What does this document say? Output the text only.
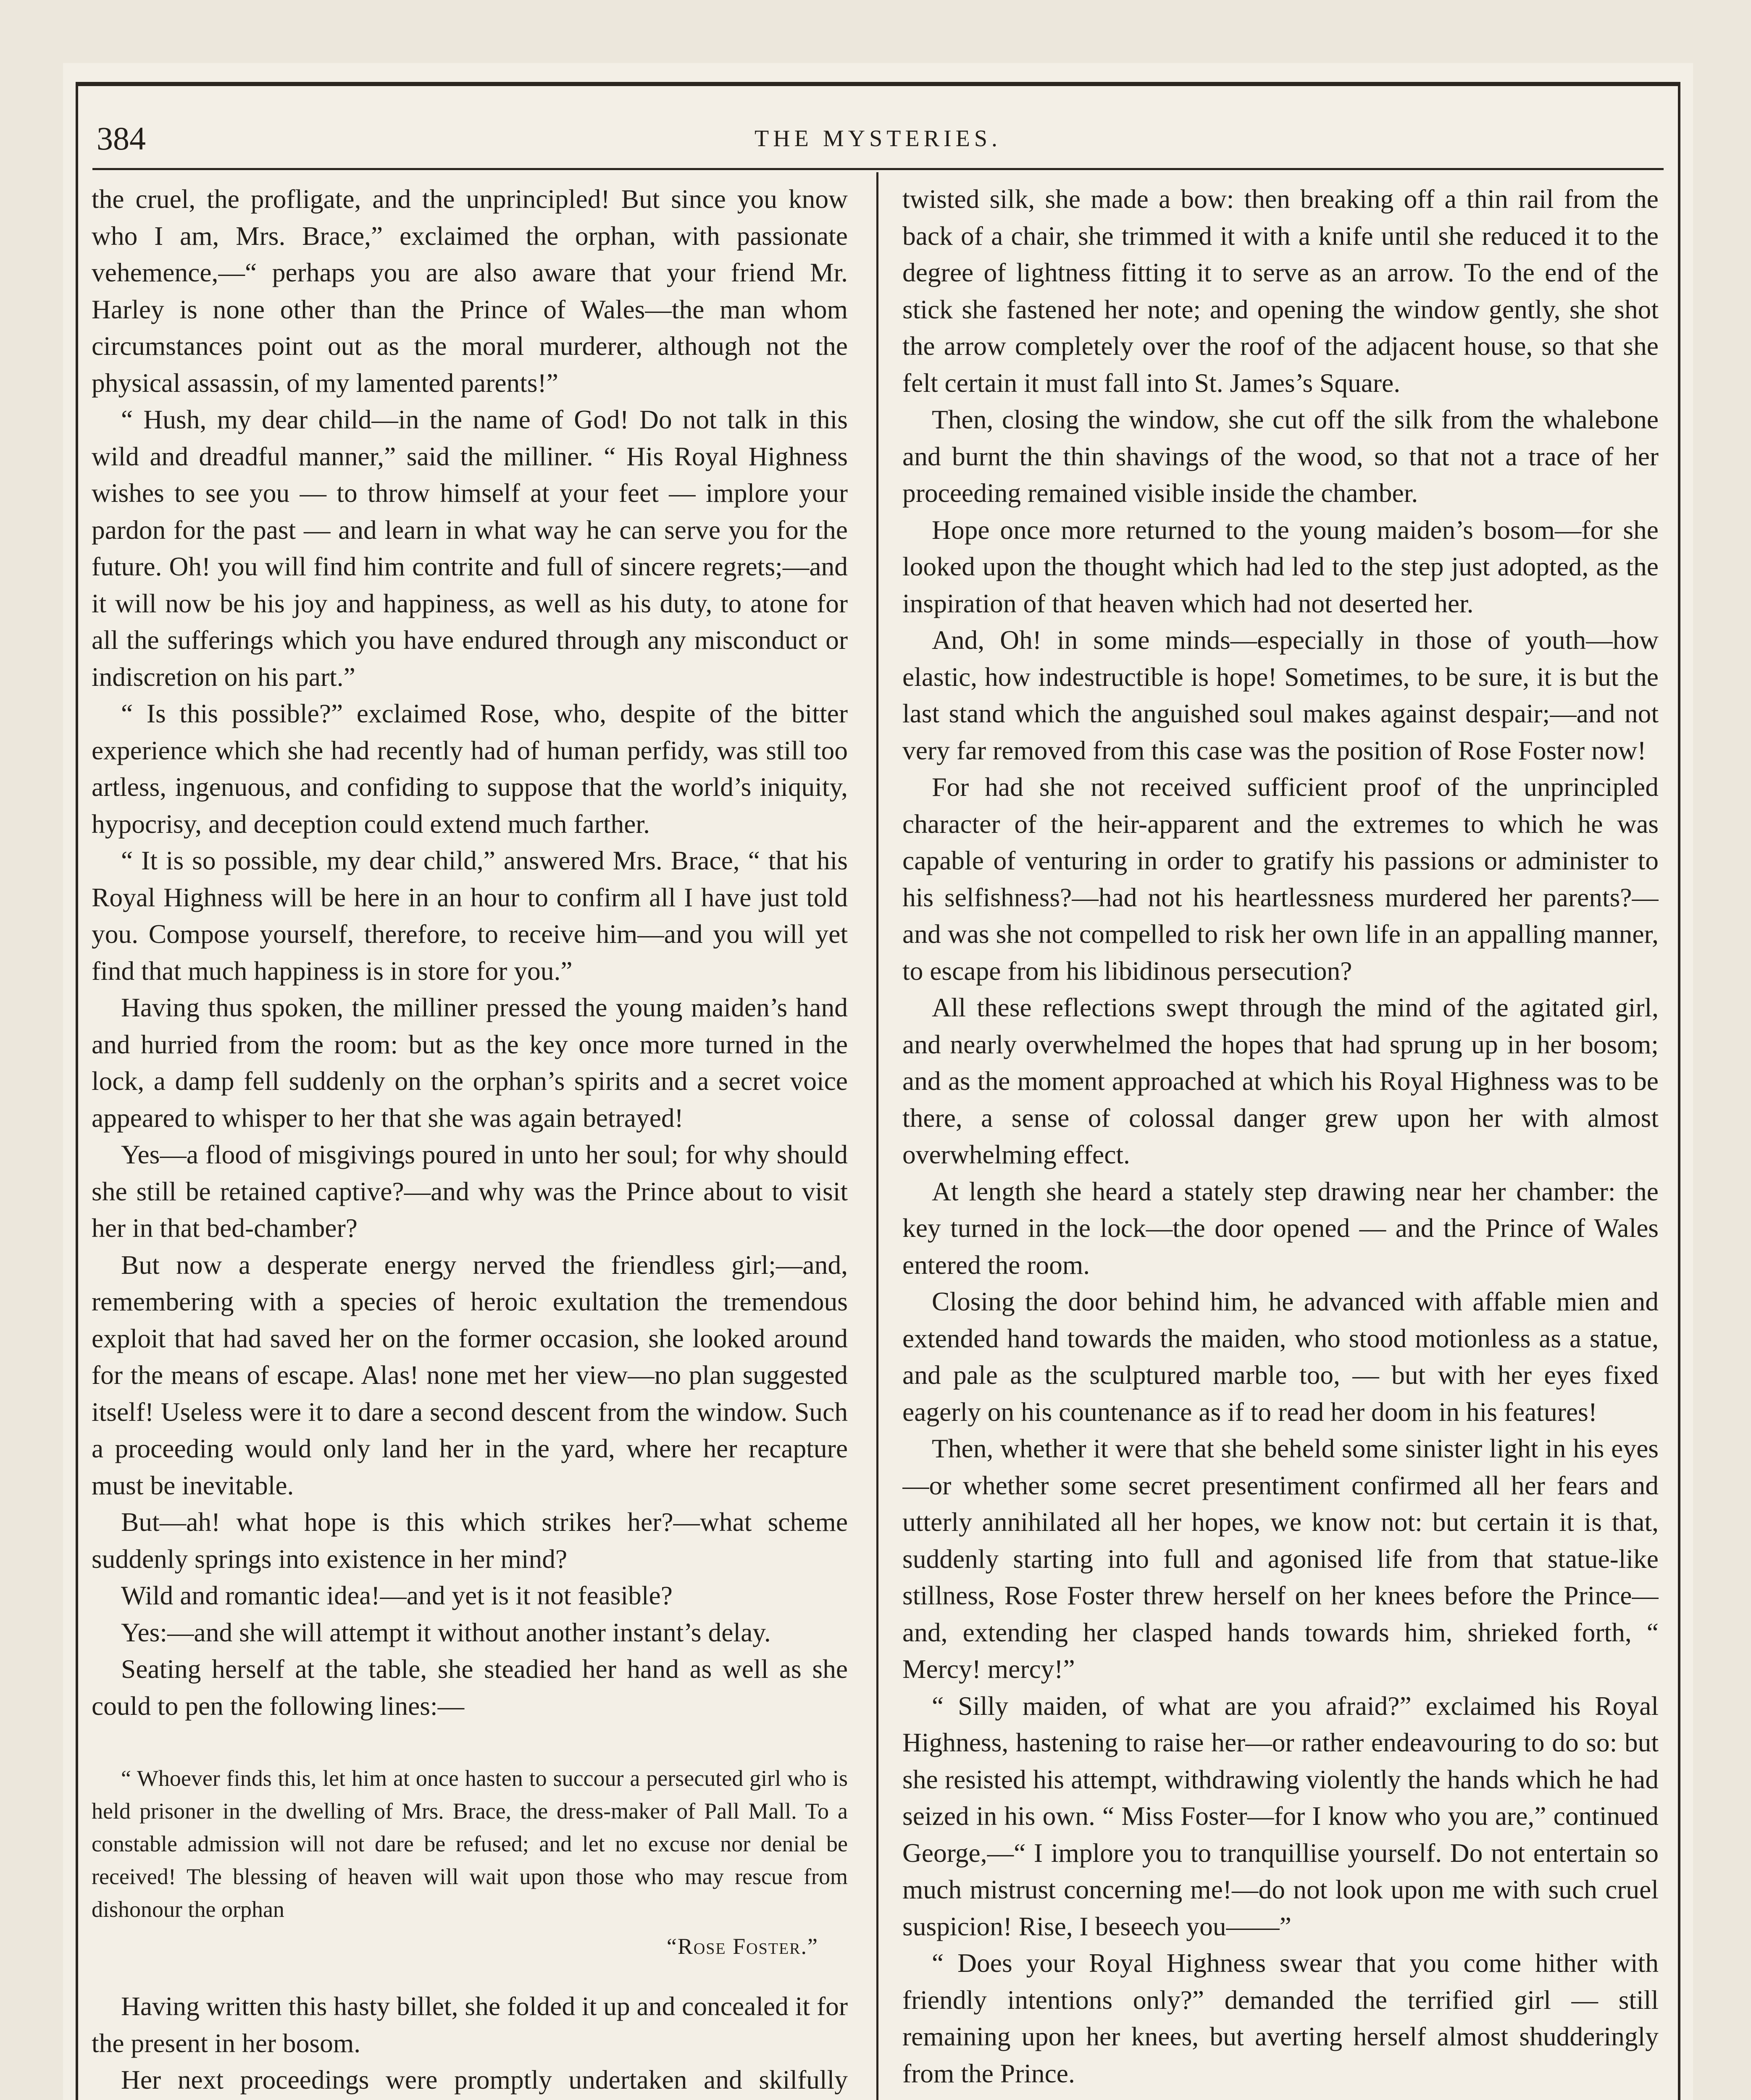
384	THE MYSTERIES.

the cruel, the profligate, and the unprincipled! But since you know who I am, Mrs. Brace,” exclaimed the orphan, with passionate vehemence,—“ perhaps you are also aware that your friend Mr. Harley is none other than the Prince of Wales—the man whom circumstances point out as the moral murderer, although not the physical assassin, of my lamented parents!”

“ Hush, my dear child—in the name of God! Do not talk in this wild and dreadful manner,” said the milliner. “ His Royal Highness wishes to see you — to throw himself at your feet — implore your pardon for the past — and learn in what way he can serve you for the future. Oh! you will find him contrite and full of sincere regrets;—and it will now be his joy and happiness, as well as his duty, to atone for all the sufferings which you have endured through any misconduct or indiscretion on his part.”

“ Is this possible?” exclaimed Rose, who, despite of the bitter experience which she had recently had of human perfidy, was still too artless, ingenuous, and confiding to suppose that the world’s iniquity, hypocrisy, and deception could extend much farther.

“ It is so possible, my dear child,” answered Mrs. Brace, “ that his Royal Highness will be here in an hour to confirm all I have just told you. Compose yourself, therefore, to receive him—and you will yet find that much happiness is in store for you.”

Having thus spoken, the milliner pressed the young maiden’s hand and hurried from the room: but as the key once more turned in the lock, a damp fell suddenly on the orphan’s spirits and a secret voice appeared to whisper to her that she was again betrayed!

Yes—a flood of misgivings poured in unto her soul; for why should she still be retained captive?—and why was the Prince about to visit her in that bed-chamber?

But now a desperate energy nerved the friendless girl;—and, remembering with a species of heroic exultation the tremendous exploit that had saved her on the former occasion, she looked around for the means of escape. Alas! none met her view—no plan suggested itself! Useless were it to dare a second descent from the window. Such a proceeding would only land her in the yard, where her recapture must be inevitable.

But—ah! what hope is this which strikes her?—what scheme suddenly springs into existence in her mind?

Wild and romantic idea!—and yet is it not feasible?

Yes:—and she will attempt it without another instant’s delay.

Seating herself at the table, she steadied her hand as well as she could to pen the following lines:—

“ Whoever finds this, let him at once hasten to succour a persecuted girl who is held prisoner in the dwelling of Mrs. Brace, the dress-maker of Pall Mall. To a constable admission will not dare be refused; and let no excuse nor denial be received! The blessing of heaven will wait upon those who may rescue from dishonour the orphan

“Rose Foster.”

Having written this hasty billet, she folded it up and concealed it for the present in her bosom.

Her next proceedings were promptly undertaken and skilfully

twisted silk, she made a bow: then breaking off a thin rail from the back of a chair, she trimmed it with a knife until she reduced it to the degree of lightness fitting it to serve as an arrow. To the end of the stick she fastened her note; and opening the window gently, she shot the arrow completely over the roof of the adjacent house, so that she felt certain it must fall into St. James’s Square.

Then, closing the window, she cut off the silk from the whalebone and burnt the thin shavings of the wood, so that not a trace of her proceeding remained visible inside the chamber.

Hope once more returned to the young maiden’s bosom—for she looked upon the thought which had led to the step just adopted, as the inspiration of that heaven which had not deserted her.

And, Oh! in some minds—especially in those of youth—how elastic, how indestructible is hope! Sometimes, to be sure, it is but the last stand which the anguished soul makes against despair;—and not very far removed from this case was the position of Rose Foster now!

For had she not received sufficient proof of the unprincipled character of the heir-apparent and the extremes to which he was capable of venturing in order to gratify his passions or administer to his selfishness?—had not his heartlessness murdered her parents?—and was she not compelled to risk her own life in an appalling manner, to escape from his libidinous persecution?

All these reflections swept through the mind of the agitated girl, and nearly overwhelmed the hopes that had sprung up in her bosom; and as the moment approached at which his Royal Highness was to be there, a sense of colossal danger grew upon her with almost overwhelming effect.

At length she heard a stately step drawing near her chamber: the key turned in the lock—the door opened — and the Prince of Wales entered the room.

Closing the door behind him, he advanced with affable mien and extended hand towards the maiden, who stood motionless as a statue, and pale as the sculptured marble too, — but with her eyes fixed eagerly on his countenance as if to read her doom in his features!

Then, whether it were that she beheld some sinister light in his eyes—or whether some secret presentiment confirmed all her fears and utterly annihilated all her hopes, we know not: but certain it is that, suddenly starting into full and agonised life from that statue-like stillness, Rose Foster threw herself on her knees before the Prince—and, extending her clasped hands towards him, shrieked forth, “ Mercy! mercy!”

“ Silly maiden, of what are you afraid?” exclaimed his Royal Highness, hastening to raise her—or rather endeavouring to do so: but she resisted his attempt, withdrawing violently the hands which he had seized in his own. “ Miss Foster—for I know who you are,” continued George,—“ I implore you to tranquillise yourself. Do not entertain so much mistrust concerning me!—do not look upon me with such cruel suspicion! Rise, I beseech you——”

“ Does your Royal Highness swear that you come hither with friendly intentions only?” demanded the terrified girl — still remaining upon her knees, but averting herself almost shudderingly from the Prince.
